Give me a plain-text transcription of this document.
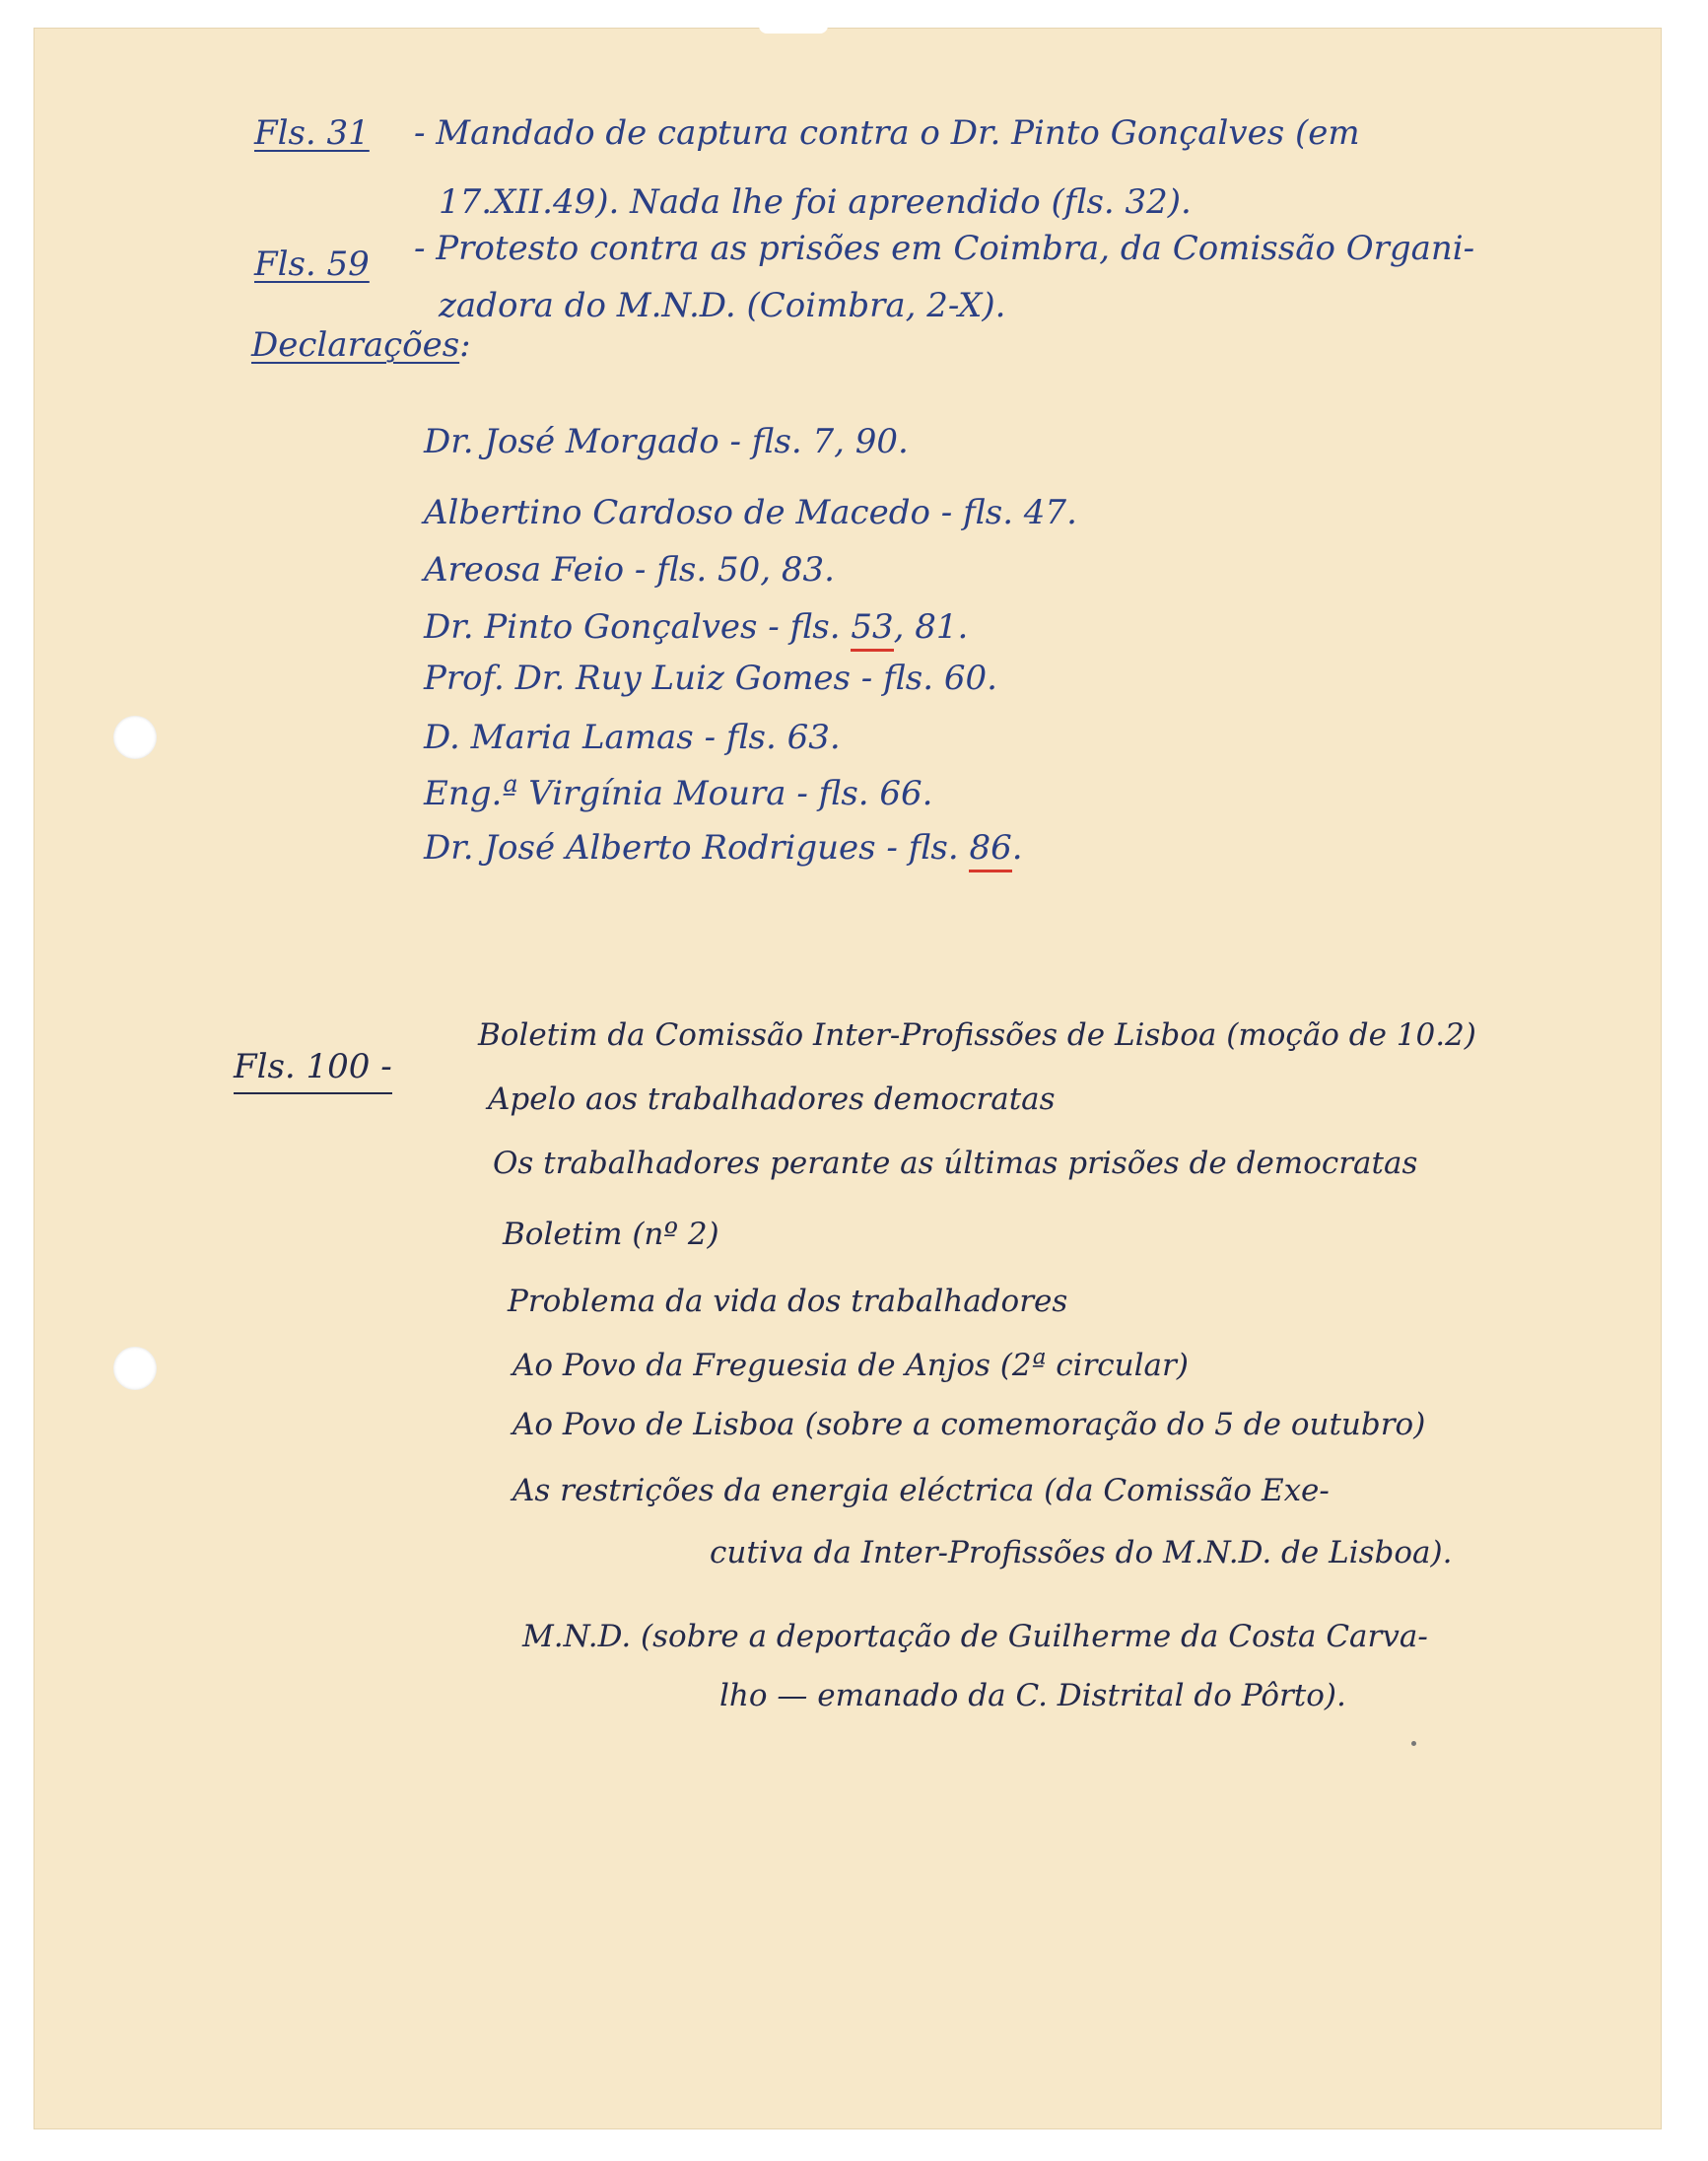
Fls. 31 - Mandado de captura contra o Dr. Pinto Gonçalves (em
17.XII.49). Nada lhe foi apreendido (fls. 32).
Fls. 59 - Protesto contra as prisões em Coimbra, da Comissão Organi-
zadora do M.N.D. (Coimbra, 2-X).
Declarações:
Dr. José Morgado - fls. 7, 90.
Albertino Cardoso de Macedo - fls. 47.
Areosa Feio - fls. 50, 83.
Dr. Pinto Gonçalves - fls. 53, 81.
Prof. Dr. Ruy Luiz Gomes - fls. 60.
D. Maria Lamas - fls. 63.
Eng.ª Virgínia Moura - fls. 66.
Dr. José Alberto Rodrigues - fls. 86.
Fls. 100 -
Boletim da Comissão Inter-Profissões de Lisboa (moção de 10.2)
Apelo aos trabalhadores democratas
Os trabalhadores perante as últimas prisões de democratas
Boletim (nº 2)
Problema da vida dos trabalhadores
Ao Povo da Freguesia de Anjos (2ª circular)
Ao Povo de Lisboa (sobre a comemoração do 5 de outubro)
As restrições da energia eléctrica (da Comissão Exe-
cutiva da Inter-Profissões do M.N.D. de Lisboa).
M.N.D. (sobre a deportação de Guilherme da Costa Carva-
lho — emanado da C. Distrital do Pôrto).
